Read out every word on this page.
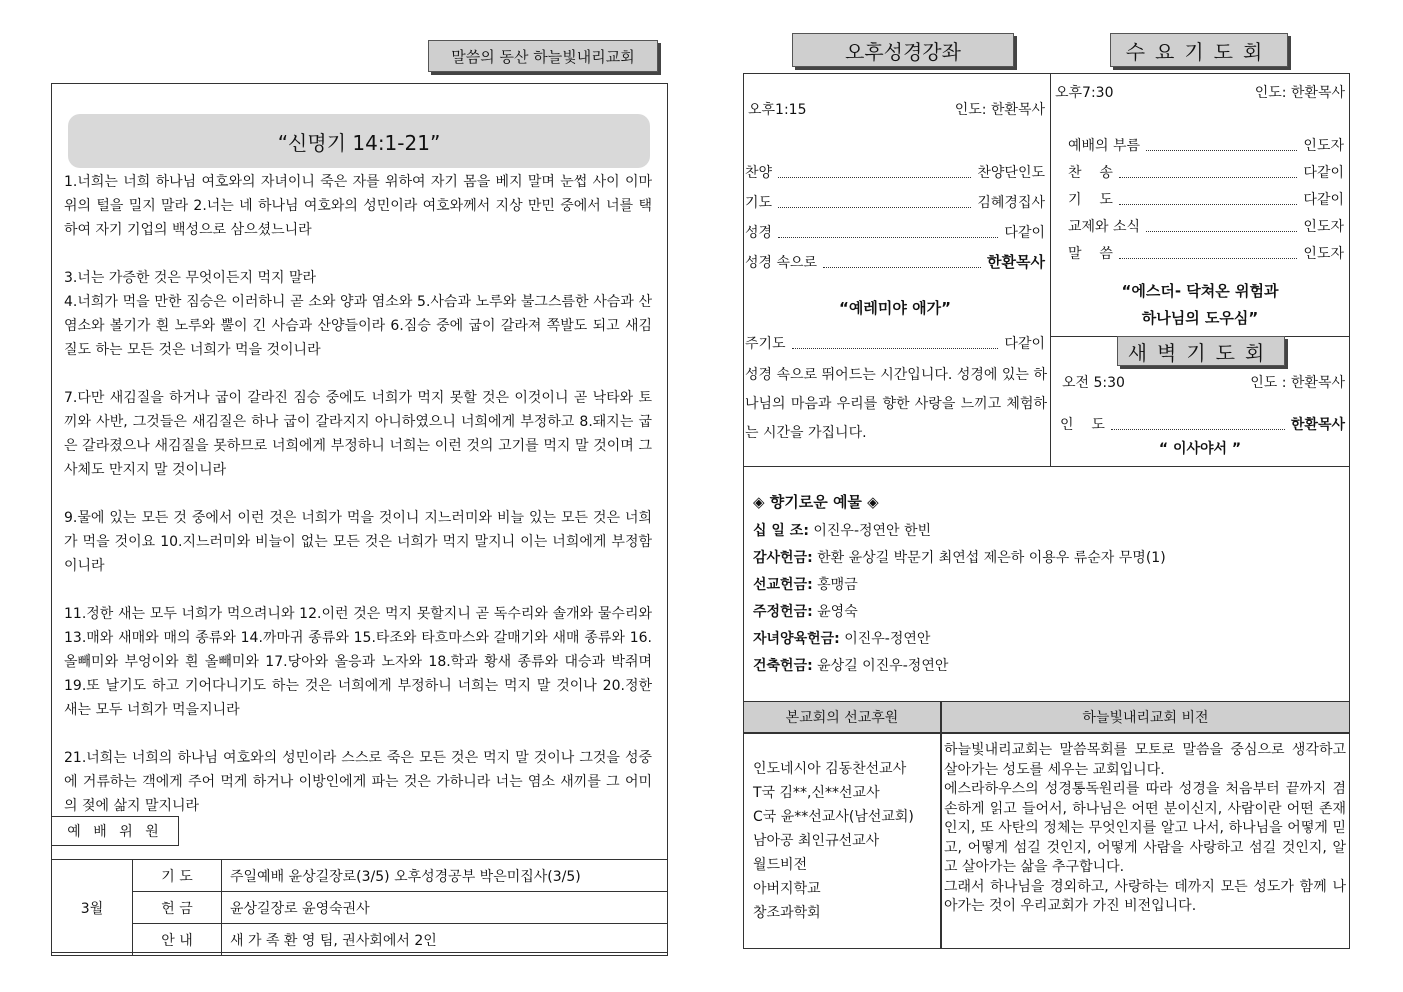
말씀의 동산 하늘빛내리교회
“신명기 14:1-21”

1.너희는 너희 하나님 여호와의 자녀이니 죽은 자를 위하여 자기 몸을 베지 말며 눈썹 사이 이마 위의 털을 밀지 말라 2.너는 네 하나님 여호와의 성민이라 여호와께서 지상 만민 중에서 너를 택하여 자기 기업의 백성으로 삼으셨느니라

3.너는 가증한 것은 무엇이든지 먹지 말라
4.너희가 먹을 만한 짐승은 이러하니 곧 소와 양과 염소와 5.사슴과 노루와 불그스름한 사슴과 산 염소와 볼기가 흰 노루와 뿔이 긴 사슴과 산양들이라 6.짐승 중에 굽이 갈라져 쪽발도 되고 새김질도 하는 모든 것은 너희가 먹을 것이니라

7.다만 새김질을 하거나 굽이 갈라진 짐승 중에도 너희가 먹지 못할 것은 이것이니 곧 낙타와 토끼와 사반, 그것들은 새김질은 하나 굽이 갈라지지 아니하였으니 너희에게 부정하고 8.돼지는 굽은 갈라졌으나 새김질을 못하므로 너희에게 부정하니 너희는 이런 것의 고기를 먹지 말 것이며 그 사체도 만지지 말 것이니라

9.물에 있는 모든 것 중에서 이런 것은 너희가 먹을 것이니 지느러미와 비늘 있는 모든 것은 너희가 먹을 것이요 10.지느러미와 비늘이 없는 모든 것은 너희가 먹지 말지니 이는 너희에게 부정함이니라

11.정한 새는 모두 너희가 먹으려니와 12.이런 것은 먹지 못할지니 곧 독수리와 솔개와 물수리와 13.매와 새매와 매의 종류와 14.까마귀 종류와 15.타조와 타흐마스와 갈매기와 새매 종류와 16.올빼미와 부엉이와 흰 올빼미와 17.당아와 올응과 노자와 18.학과 황새 종류와 대승과 박쥐며 19.또 날기도 하고 기어다니기도 하는 것은 너희에게 부정하니 너희는 먹지 말 것이나 20.정한 새는 모두 너희가 먹을지니라

21.너희는 너희의 하나님 여호와의 성민이라 스스로 죽은 모든 것은 먹지 말 것이나 그것을 성중에 거류하는 객에게 주어 먹게 하거나 이방인에게 파는 것은 가하니라 너는 염소 새끼를 그 어미의 젖에 삶지 말지니라

예 배 위 원
3월	기 도	주일예배 윤상길장로(3/5) 오후성경공부 박은미집사(3/5)
	헌 금	윤상길장로 윤영숙권사
	안 내	새 가 족 환 영 팀, 권사회에서 2인
오후성경강좌	수요기도회
새벽기도회
오후1:15	인도: 한환목사
찬양	찬양단인도
기도	김혜경집사
성경	다같이
성경 속으로	한환목사
“예레미야 애가”
주기도	다같이
성경 속으로 뛰어드는 시간입니다. 성경에 있는 하나님의 마음과 우리를 향한 사랑을 느끼고 체험하는 시간을 가집니다.
오후7:30	인도: 한환목사
예배의 부름	인도자
찬    송	다같이
기    도	다같이
교제와 소식	인도자
말    씀	인도자
“에스더- 닥쳐온 위험과
하나님의 도우심”
오전 5:30	인도 : 한환목사
인    도	한환목사
“ 이사야서 ”
◈ 향기로운 예물 ◈
십 일 조: 이진우-정연안 한빈
감사헌금: 한환 윤상길 박문기 최연섭 제은하 이용우 류순자 무명(1)
선교헌금: 홍맹금
주정헌금: 윤영숙
자녀양육헌금: 이진우-정연안
건축헌금: 윤상길 이진우-정연안
본교회의 선교후원	하늘빛내리교회 비전
인도네시아 김동찬선교사
T국 김**,신**선교사
C국 윤**선교사(남선교회)
남아공 최인규선교사
월드비전
아버지학교
창조과학회
하늘빛내리교회는 말씀목회를 모토로 말씀을 중심으로 생각하고 살아가는 성도를 세우는 교회입니다.
에스라하우스의 성경통독원리를 따라 성경을 처음부터 끝까지 겸손하게 읽고 들어서, 하나님은 어떤 분이신지, 사람이란 어떤 존재인지, 또 사탄의 정체는 무엇인지를 알고 나서, 하나님을 어떻게 믿고, 어떻게 섬길 것인지, 어떻게 사람을 사랑하고 섬길 것인지, 알고 살아가는 삶을 추구합니다.
그래서 하나님을 경외하고, 사랑하는 데까지 모든 성도가 함께 나아가는 것이 우리교회가 가진 비전입니다.
